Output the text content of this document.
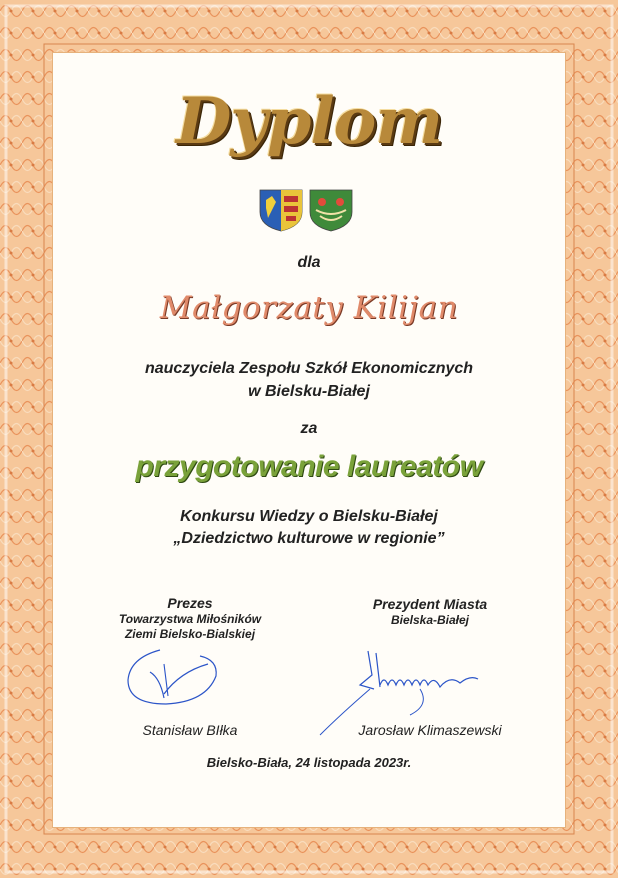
Dyplom
dla
Małgorzaty Kilijan
nauczyciela Zespołu Szkół Ekonomicznych
w Bielsku-Białej
za
przygotowanie laureatów
Konkursu Wiedzy o Bielsku-Białej
„Dziedzictwo kulturowe w regionie”
Prezes
Towarzystwa Miłośników
Ziemi Bielsko-Bialskiej
Stanisław BIłka
Prezydent Miasta
Bielska-Białej
Jarosław Klimaszewski
Bielsko-Biała, 24 listopada 2023r.
